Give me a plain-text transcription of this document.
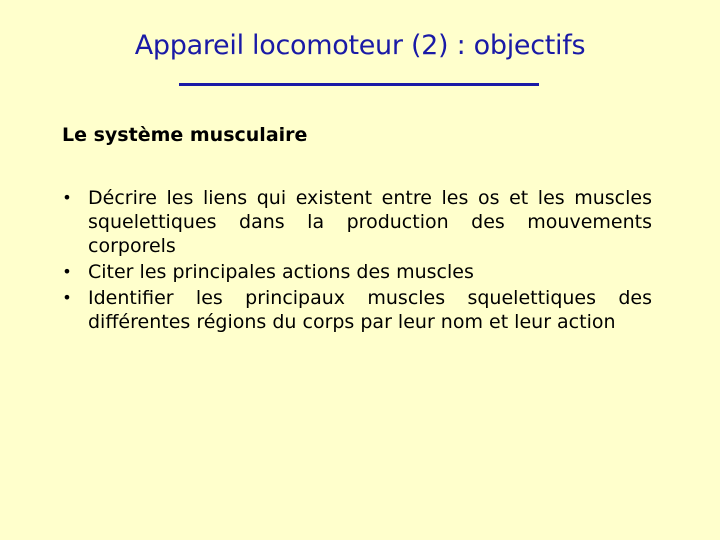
Appareil locomoteur (2) : objectifs
Le système musculaire
• Décrire les liens qui existent entre les os et les muscles squelettiques dans la production des mouvements corporels
• Citer les principales actions des muscles
• Identifier les principaux muscles squelettiques des différentes régions du corps par leur nom et leur action
